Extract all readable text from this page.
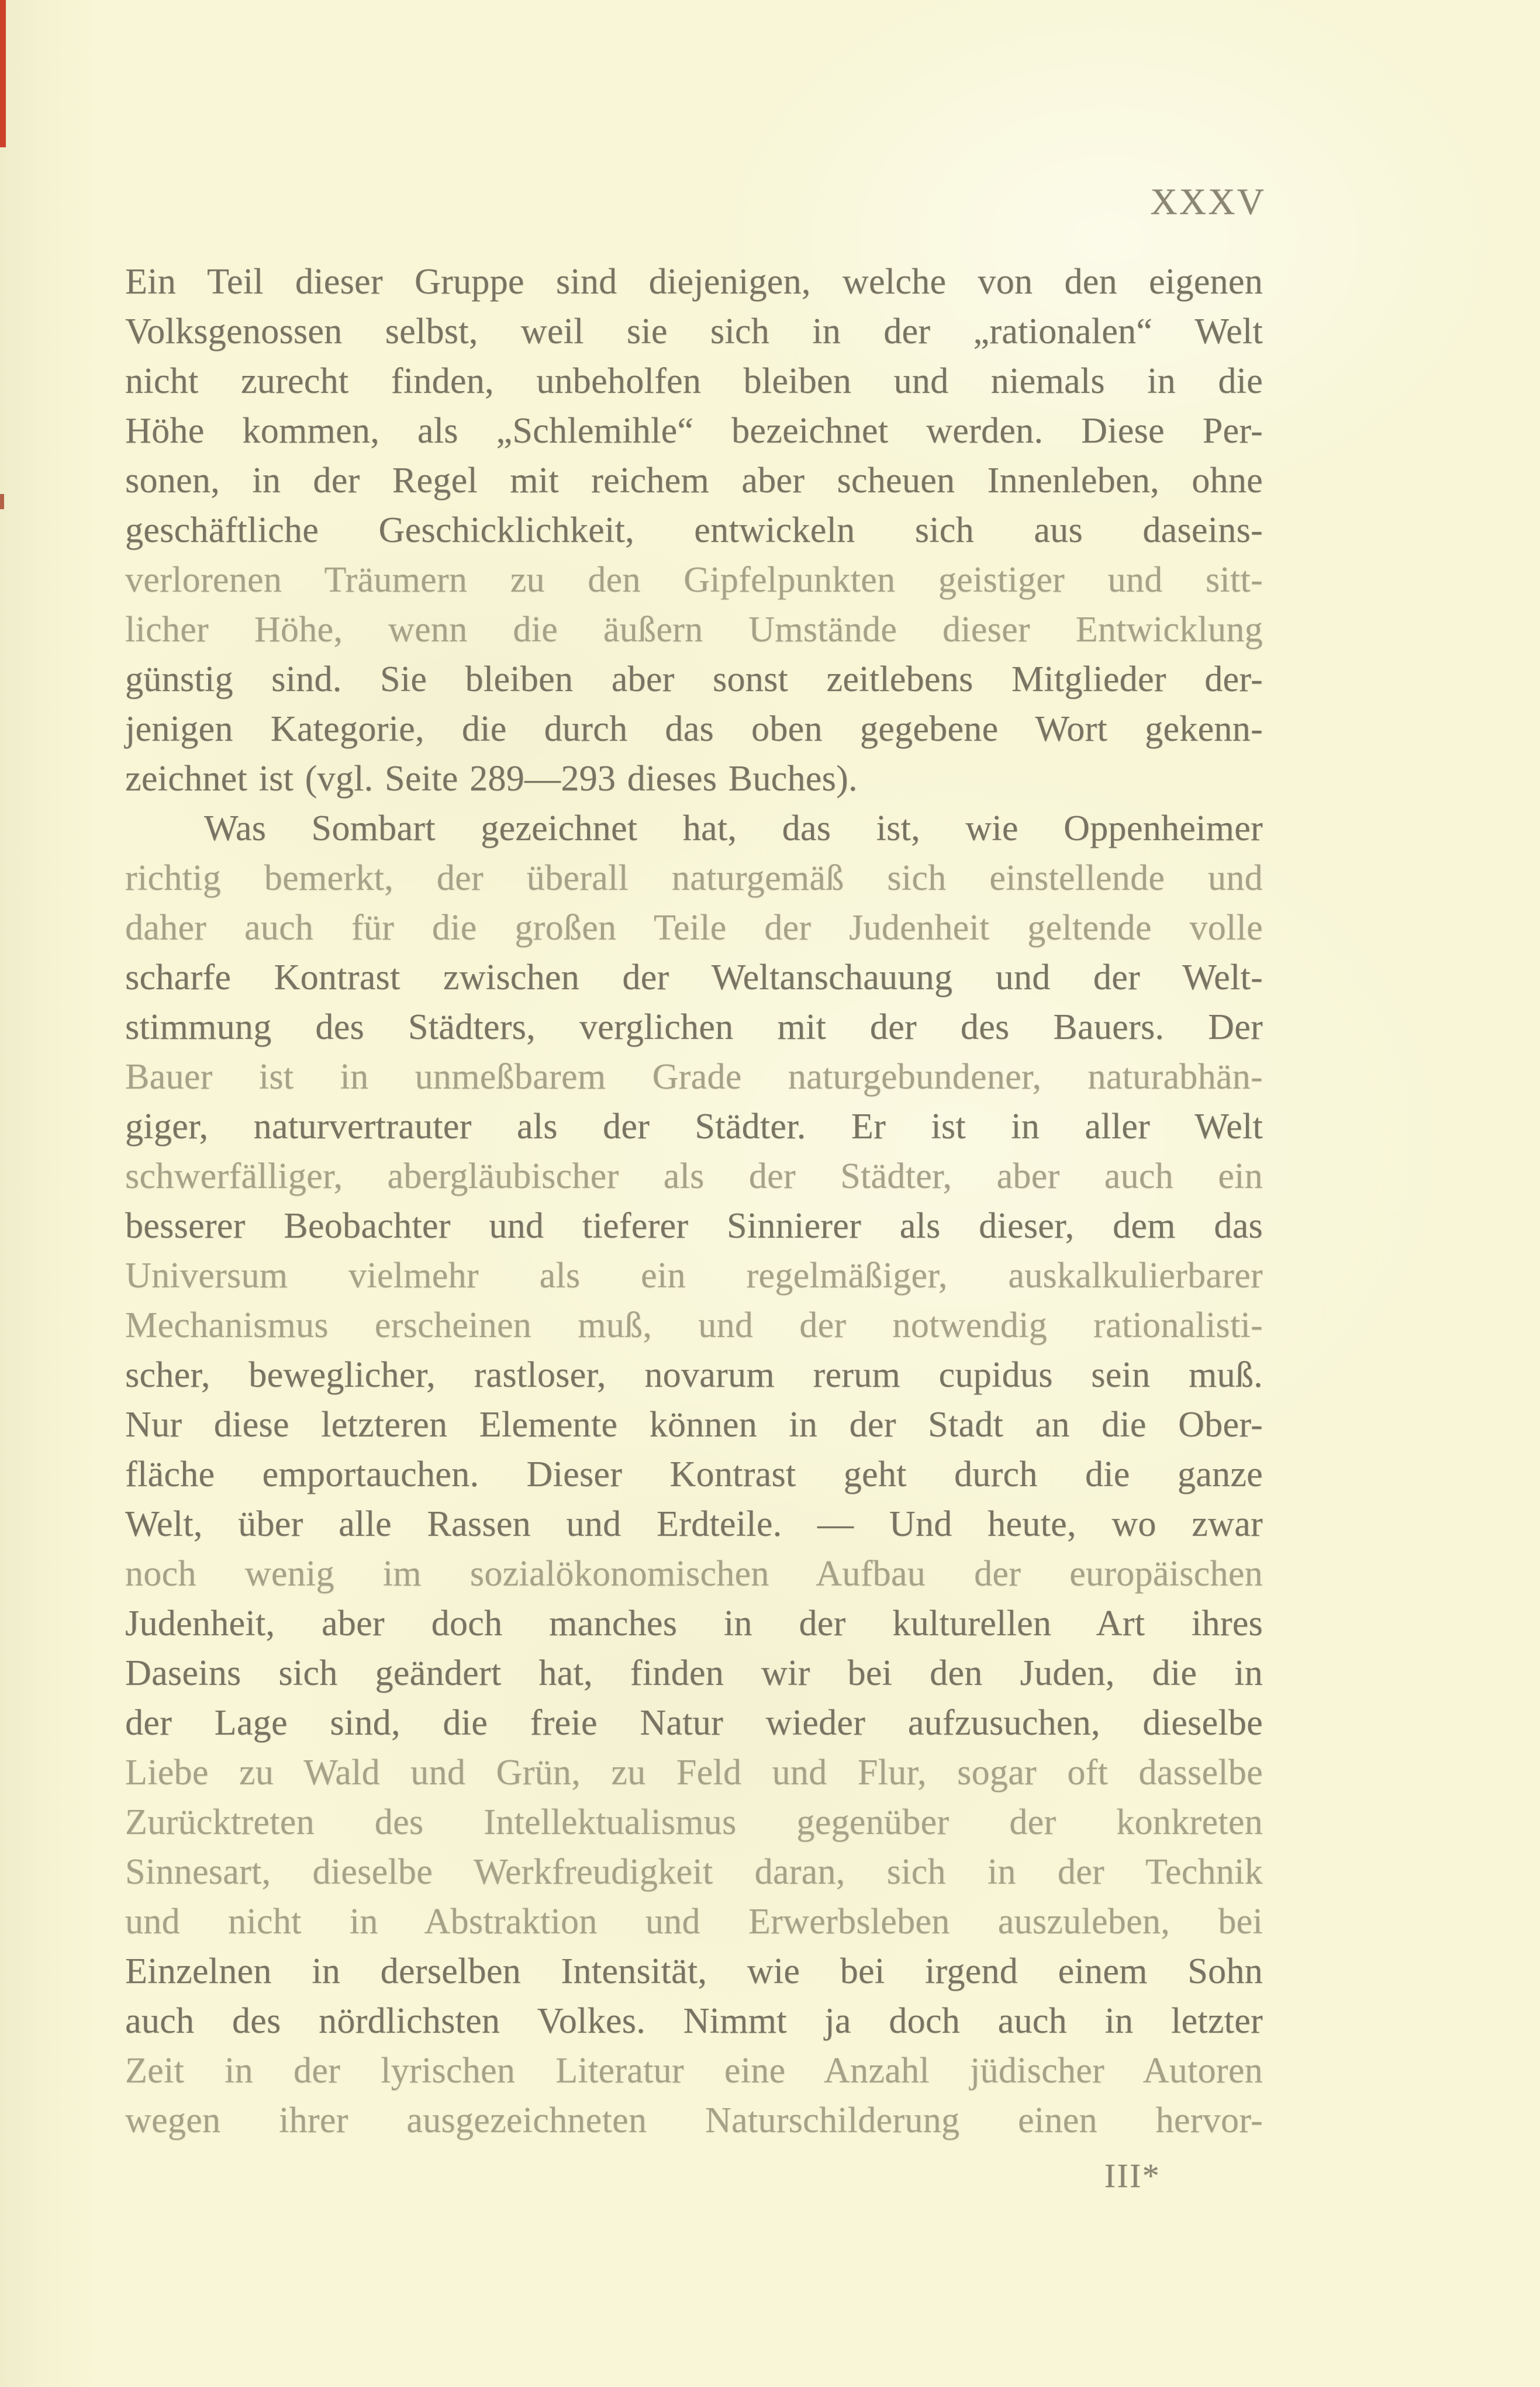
XXXV
Ein Teil dieser Gruppe sind diejenigen, welche von den eigenen
Volksgenossen selbst, weil sie sich in der „rationalen“ Welt
nicht zurecht finden, unbeholfen bleiben und niemals in die
Höhe kommen, als „Schlemihle“ bezeichnet werden. Diese Per-
sonen, in der Regel mit reichem aber scheuen Innenleben, ohne
geschäftliche Geschicklichkeit, entwickeln sich aus daseins-
verlorenen Träumern zu den Gipfelpunkten geistiger und sitt-
licher Höhe, wenn die äußern Umstände dieser Entwicklung
günstig sind. Sie bleiben aber sonst zeitlebens Mitglieder der-
jenigen Kategorie, die durch das oben gegebene Wort gekenn-
zeichnet ist (vgl. Seite 289—293 dieses Buches).
Was Sombart gezeichnet hat, das ist, wie Oppenheimer
richtig bemerkt, der überall naturgemäß sich einstellende und
daher auch für die großen Teile der Judenheit geltende volle
scharfe Kontrast zwischen der Weltanschauung und der Welt-
stimmung des Städters, verglichen mit der des Bauers. Der
Bauer ist in unmeßbarem Grade naturgebundener, naturabhän-
giger, naturvertrauter als der Städter. Er ist in aller Welt
schwerfälliger, abergläubischer als der Städter, aber auch ein
besserer Beobachter und tieferer Sinnierer als dieser, dem das
Universum vielmehr als ein regelmäßiger, auskalkulierbarer
Mechanismus erscheinen muß, und der notwendig rationalisti-
scher, beweglicher, rastloser, novarum rerum cupidus sein muß.
Nur diese letzteren Elemente können in der Stadt an die Ober-
fläche emportauchen. Dieser Kontrast geht durch die ganze
Welt, über alle Rassen und Erdteile. — Und heute, wo zwar
noch wenig im sozialökonomischen Aufbau der europäischen
Judenheit, aber doch manches in der kulturellen Art ihres
Daseins sich geändert hat, finden wir bei den Juden, die in
der Lage sind, die freie Natur wieder aufzusuchen, dieselbe
Liebe zu Wald und Grün, zu Feld und Flur, sogar oft dasselbe
Zurücktreten des Intellektualismus gegenüber der konkreten
Sinnesart, dieselbe Werkfreudigkeit daran, sich in der Technik
und nicht in Abstraktion und Erwerbsleben auszuleben, bei
Einzelnen in derselben Intensität, wie bei irgend einem Sohn
auch des nördlichsten Volkes. Nimmt ja doch auch in letzter
Zeit in der lyrischen Literatur eine Anzahl jüdischer Autoren
wegen ihrer ausgezeichneten Naturschilderung einen hervor-
III*
